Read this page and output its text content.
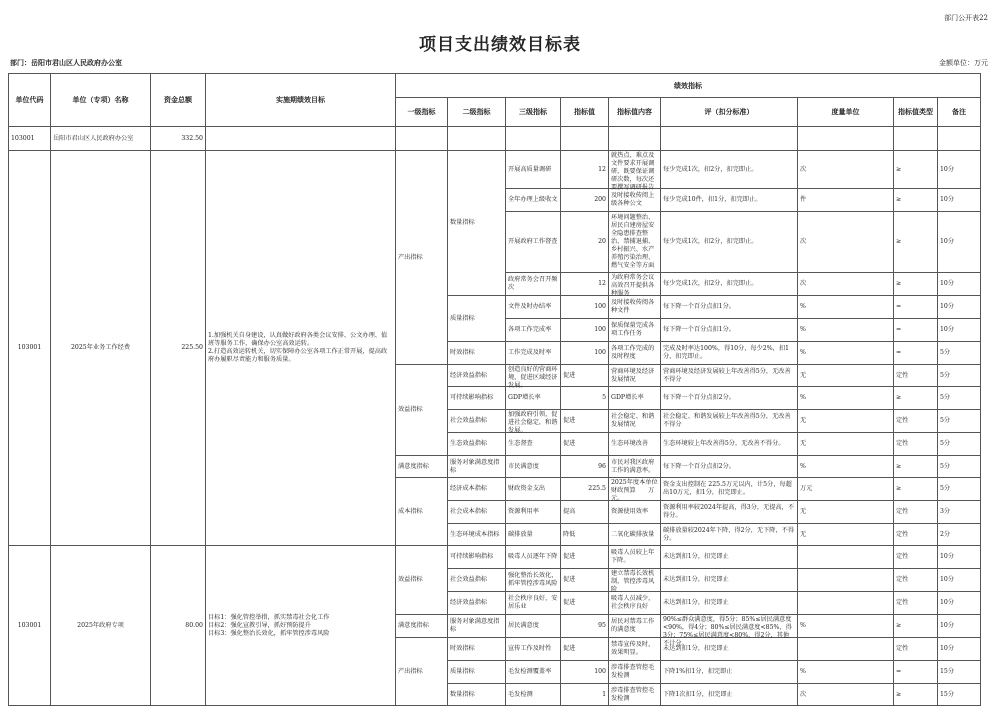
部门公开表22
项目支出绩效目标表
部门：岳阳市君山区人民政府办公室	金额单位：万元
单位代码	单位（专项）名称	资金总额	实施期绩效目标	绩效指标								
				一级指标	二级指标	三级指标	指标值	指标值内容	评（扣分标准）	度量单位	指标值类型	备注
103001	岳阳市君山区人民政府办公室	332.50										

103001	2025年业务工作经费	225.50	1.加强机关自身建设，认真做好政府各类会议安排、公文办理、值班等服务工作，确保办公室高效运转。
2.打造高效运转机关，切实保障办公室各项工作正常开展，提高政府办履职尽责能力和服务质量。	产出指标	数量指标	开展高质量调研	12	就热点、难点及文件要求开展调研，既要保证调研次数，每次还要撰写调研报告	每少完成1次，扣2分，扣完即止。	次	≥	10分

						全年办理上级收文	200	及时接收传阅上级各种公文	每少完成10件，扣1分，扣完即止。	件	≥	10分

						开展政府工作督查	20	环境问题整治、居民自建房屋安全隐患排查整治、禁捕退捕、乡村振兴、水产养殖污染治理、燃气安全等方面	每少完成1次，扣2分，扣完即止。	次	≥	10分

						政府常务会召开频次	12	为政府常务会议高效召开提供各种服务	每少完成1次，扣2分，扣完即止。	次	≥	10分

					质量指标	文件及时办结率	100	及时接收传阅各种文件	每下降一个百分点扣1分。	%	=	10分

						各项工作完成率	100	保质保量完成各项工作任务	每下降一个百分点扣1分。	%	=	10分

					时效指标	工作完成及时率	100	各项工作完成的及时程度	完成及时率达100%，得10分，每少2%，扣1分，扣完即止。	%	=	5分

				效益指标	经济效益指标	创造良好的营商环境，促进区域经济发展。	促进	营商环境及经济发展情况	营商环境及经济发展较上年改善得5分，无改善不得分	无	定性	5分

					可持续影响指标	GDP增长率	5	GDP增长率	每下降一个百分点扣2分。	%	≥	5分

					社会效益指标	加强政府引领，促进社会稳定，和谐发展。	促进	社会稳定、和谐发展情况	社会稳定、和谐发展较上年改善得5分，无改善不得分	无	定性	5分

					生态效益指标	生态督查	促进	生态环境改善	生态环境较上年改善得5分，无改善不得分。	无	定性	5分

				满意度指标	服务对象满意度指标	市民满意度	96	市民对我区政府工作的满意率。	每下降一个百分点扣2分。	%	≥	5分

				成本指标	经济成本指标	财政资金支出	225.5	2025年度本单位财政预算　　万元。	资金支出控制在 225.5万元以内，计5分，每超出10万元，扣1分，扣完即止。	万元	≥	5分

					社会成本指标	资源利用率	提高	资源使用效率	资源利用率较2024年提高，得3分，无提高，不得分。	无	定性	3分

					生态环境成本指标	碳排放量	降低	二氧化碳排放量	碳排放量较2024年下降，得2分，无下降，不得分。	无	定性	2分

103001	2025年政府专项	80.00	目标1：强化管控举措，抓实禁毒社会化工作
目标2：强化宣教引导，抓好预防提升
目标3：强化整治长效化，抓牢管控涉毒风险	效益指标	可持续影响指标	吸毒人员逐年下降	促进	吸毒人员较上年下降。	未达到扣1分，扣完即止		定性	10分

					社会效益指标	强化整治长效化，抓牢管控涉毒风险	促进	建立禁毒长效机制，管控涉毒风险	未达到扣1分，扣完即止		定性	10分

					经济效益指标	社会秩序良好，安居乐业	促进	吸毒人员减少，社会秩序良好	未达到扣1分，扣完即止		定性	10分

				满意度指标	服务对象满意度指标	居民满意度	95	居民对禁毒工作的满意度	90%≤群众满意度，得5分；85%≤居民满意度<90%，得4分；80%≤居民满意度<85%，得3分；75%≤居民满意度<80%，得2分，其他不计分。	%	≥	10分

				产出指标	时效指标	宣传工作及时性	促进	禁毒宣传及时，效果明显。	未达到扣1分，扣完即止		定性	10分

					质量指标	毛发检测覆盖率	100	涉毒排查管控毛发检测	下降1%扣1分，扣完即止	%	=	15分

					数量指标	毛发检测	1	涉毒排查管控毛发检测	下降1次扣1分，扣完即止	次	≥	15分
